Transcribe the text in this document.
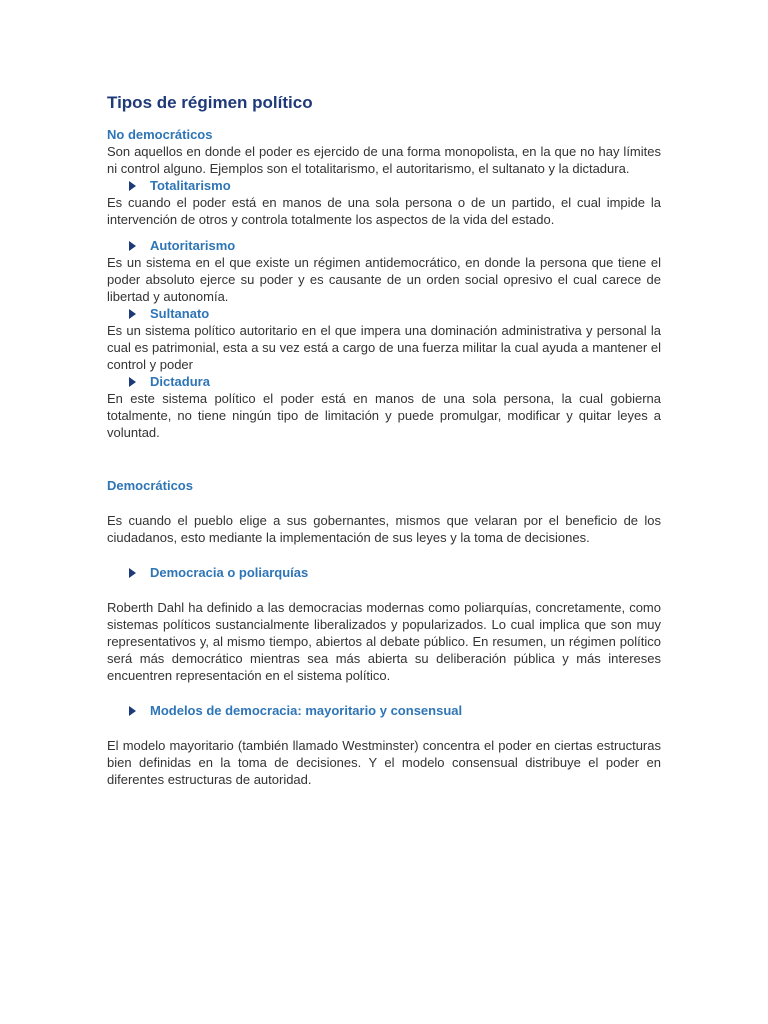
Tipos de régimen político
No democráticos

Son aquellos en donde el poder es ejercido de una forma monopolista, en la que no hay límites ni control alguno. Ejemplos son el totalitarismo, el autoritarismo, el sultanato y la dictadura.

Totalitarismo

Es cuando el poder está en manos de una sola persona o de un partido, el cual impide la intervención de otros y controla totalmente los aspectos de la vida del estado.

Autoritarismo

Es un sistema en el que existe un régimen antidemocrático, en donde la persona que tiene el poder absoluto ejerce su poder y es causante de un orden social opresivo el cual carece de libertad y autonomía.

Sultanato

Es un sistema político autoritario en el que impera una dominación administrativa y personal la cual es patrimonial, esta a su vez está a cargo de una fuerza militar la cual ayuda a mantener el control y poder

Dictadura

En este sistema político el poder está en manos de una sola persona, la cual gobierna totalmente, no tiene ningún tipo de limitación y puede promulgar, modificar y quitar leyes a voluntad.

Democráticos

Es cuando el pueblo elige a sus gobernantes, mismos que velaran por el beneficio de los ciudadanos, esto mediante la implementación de sus leyes y la toma de decisiones.

Democracia o poliarquías

Roberth Dahl ha definido a las democracias modernas como poliarquías, concretamente, como sistemas políticos sustancialmente liberalizados y popularizados. Lo cual implica que son muy representativos y, al mismo tiempo, abiertos al debate público. En resumen, un régimen político será más democrático mientras sea más abierta su deliberación pública y más intereses encuentren representación en el sistema político.

Modelos de democracia: mayoritario y consensual

El modelo mayoritario (también llamado Westminster) concentra el poder en ciertas estructuras bien definidas en la toma de decisiones. Y el modelo consensual distribuye el poder en diferentes estructuras de autoridad.
